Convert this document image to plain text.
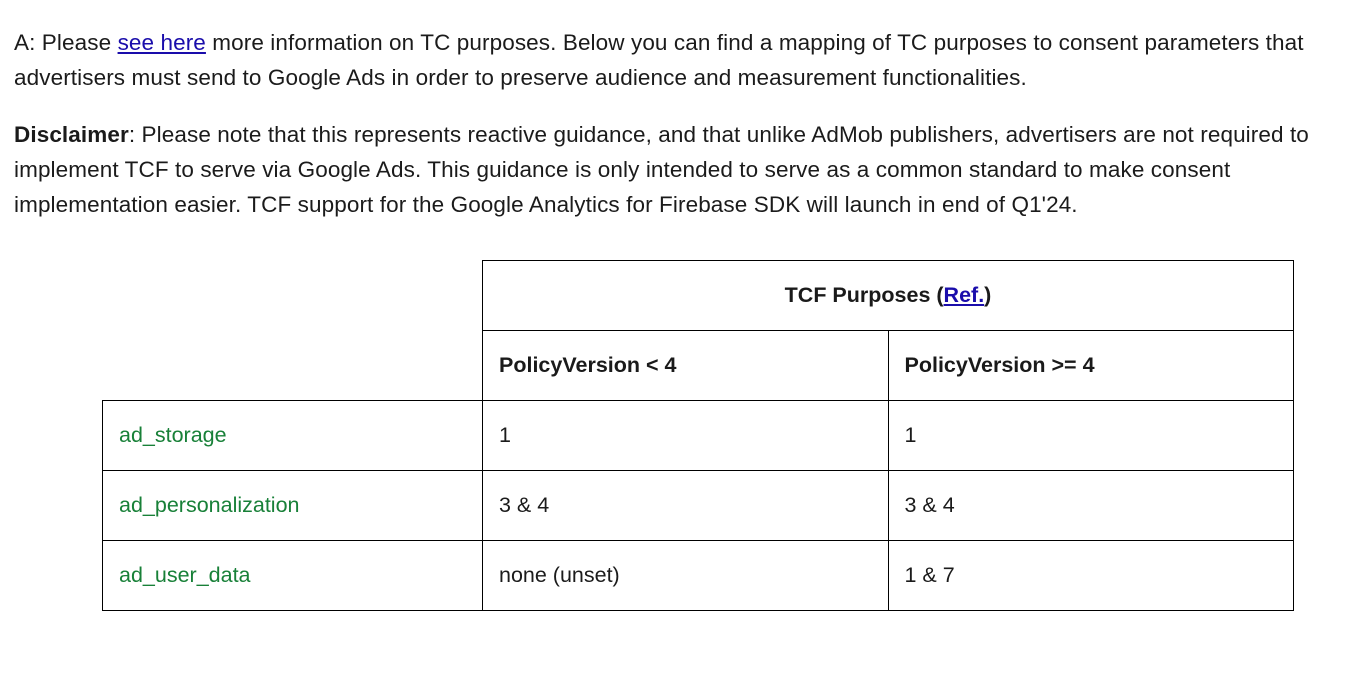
A: Please see here more information on TC purposes. Below you can find a mapping of TC purposes to consent parameters that advertisers must send to Google Ads in order to preserve audience and measurement functionalities.

Disclaimer: Please note that this represents reactive guidance, and that unlike AdMob publishers, advertisers are not required to implement TCF to serve via Google Ads. This guidance is only intended to serve as a common standard to make consent implementation easier. TCF support for the Google Analytics for Firebase SDK will launch in end of Q1'24.

	TCF Purposes (Ref.)	
	PolicyVersion < 4	PolicyVersion >= 4
ad_storage	1	1
ad_personalization	3 & 4	3 & 4
ad_user_data	none (unset)	1 & 7
